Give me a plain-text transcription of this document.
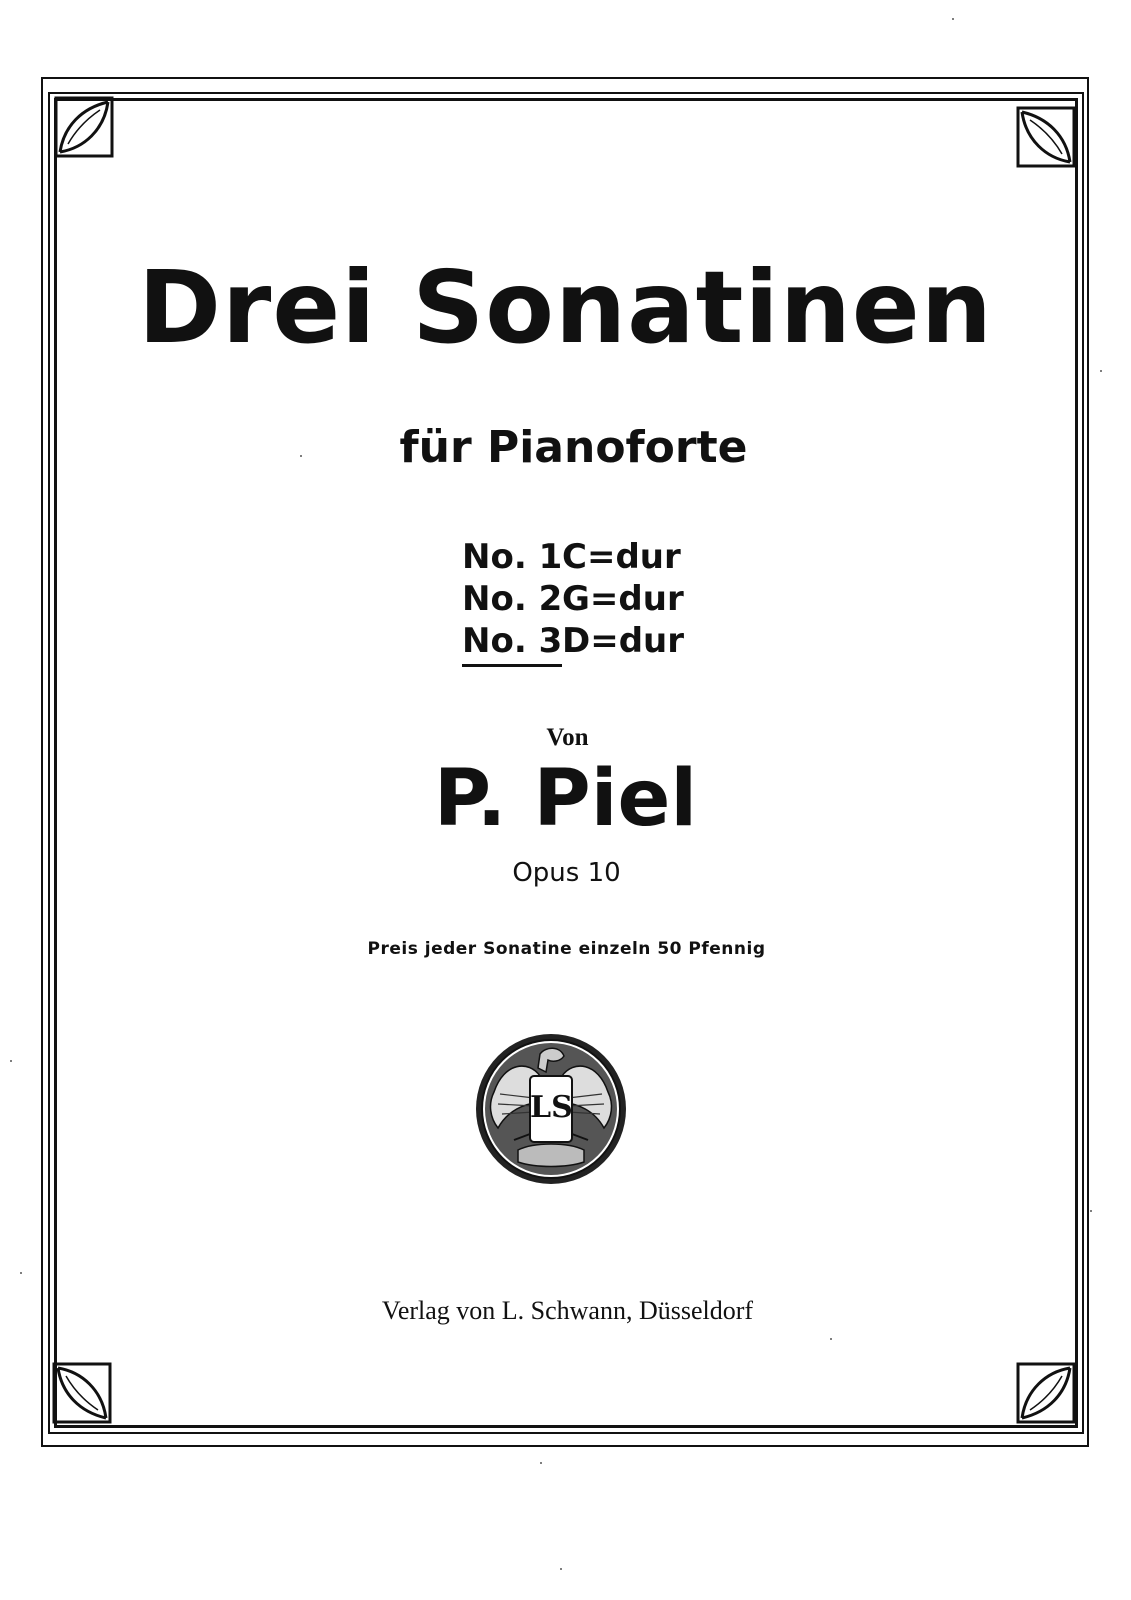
Drei Sonatinen
für Pianoforte
No. 1C=dur
No. 2G=dur
No. 3D=dur
Von
P. Piel
Opus 10
Preis jeder Sonatine einzeln 50 Pfennig
LS
Verlag von L. Schwann, Düsseldorf
